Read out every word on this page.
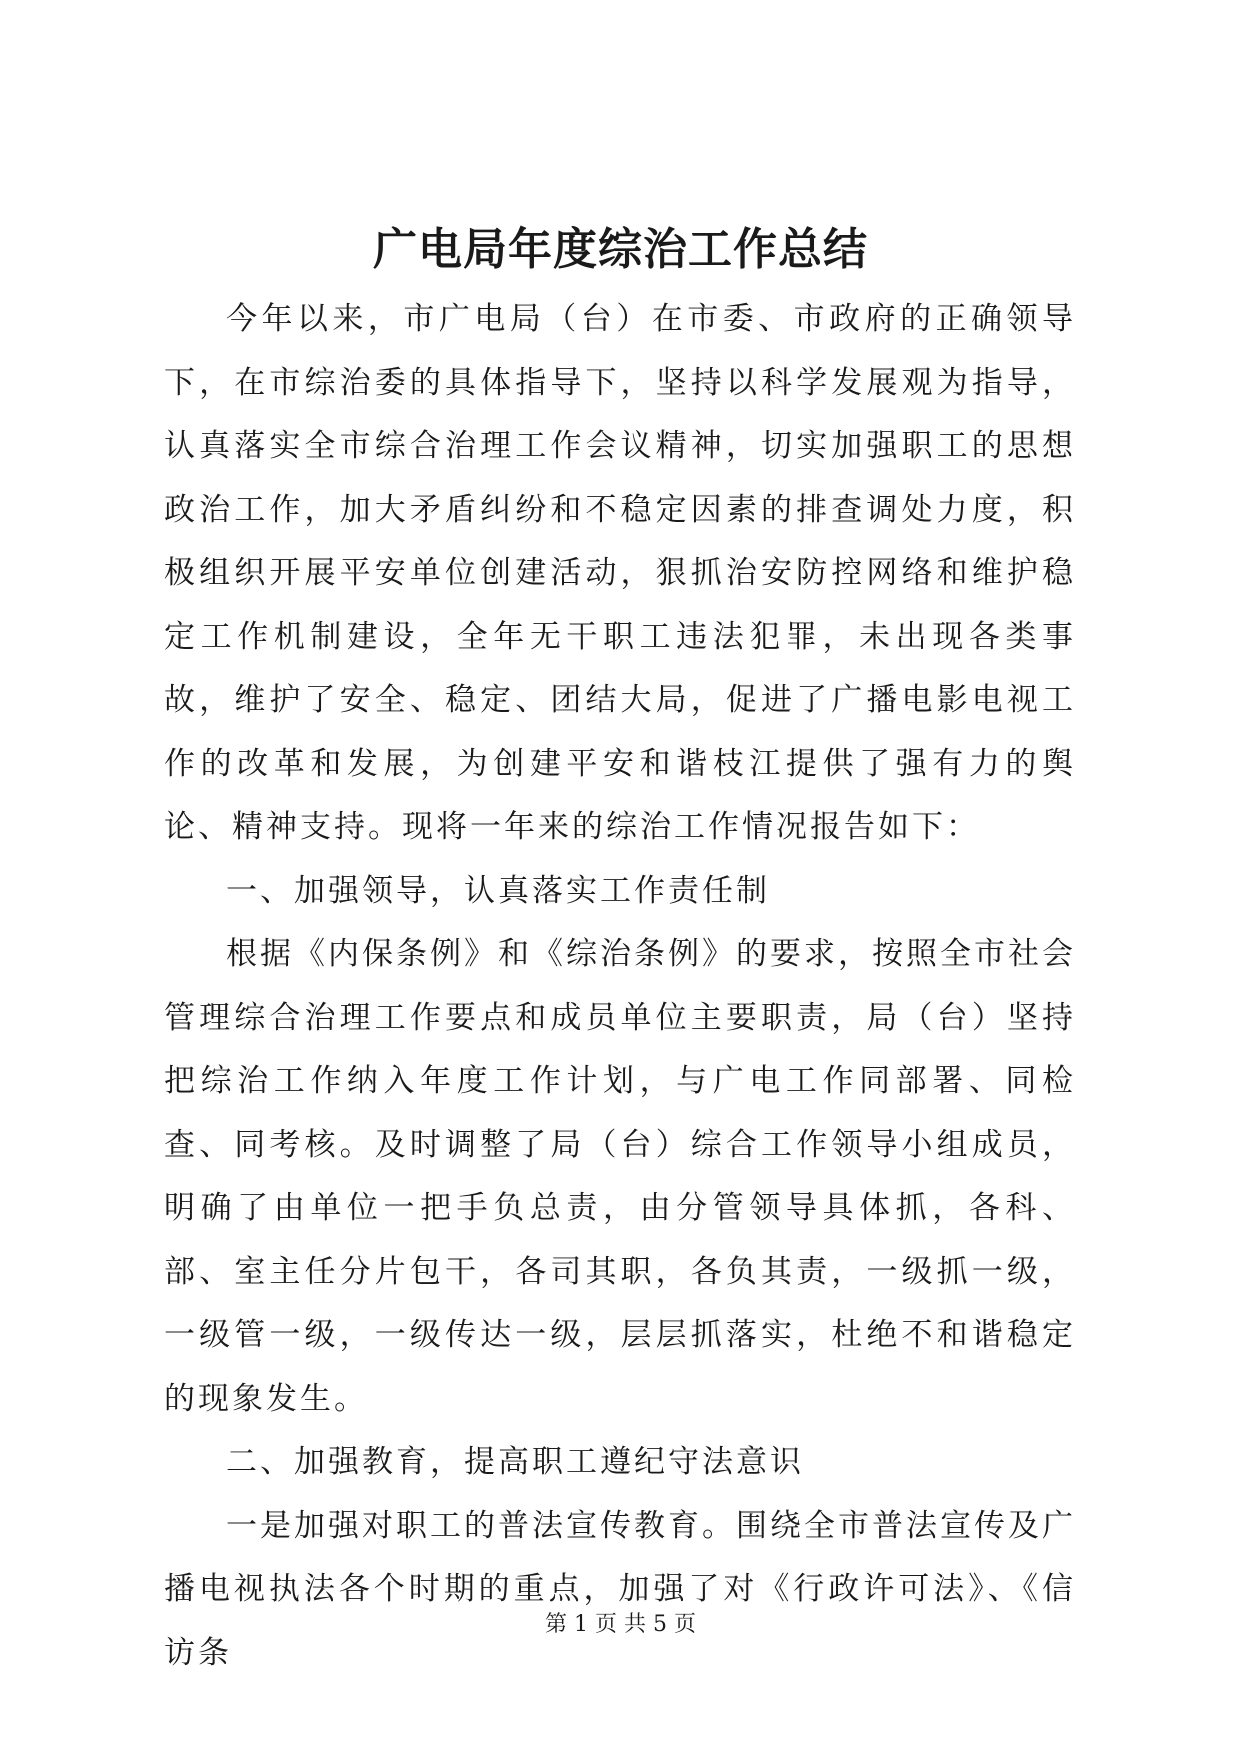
广电局年度综治工作总结

今年以来，市广电局（台）在市委、市政府的正确领导下，在市综治委的具体指导下，坚持以科学发展观为指导，认真落实全市综合治理工作会议精神，切实加强职工的思想政治工作，加大矛盾纠纷和不稳定因素的排查调处力度，积极组织开展平安单位创建活动，狠抓治安防控网络和维护稳定工作机制建设，全年无干职工违法犯罪，未出现各类事故，维护了安全、稳定、团结大局，促进了广播电影电视工作的改革和发展，为创建平安和谐枝江提供了强有力的舆论、精神支持。现将一年来的综治工作情况报告如下：

一、加强领导，认真落实工作责任制

根据《内保条例》和《综治条例》的要求，按照全市社会管理综合治理工作要点和成员单位主要职责，局（台）坚持把综治工作纳入年度工作计划，与广电工作同部署、同检查、同考核。及时调整了局（台）综合工作领导小组成员，明确了由单位一把手负总责，由分管领导具体抓，各科、部、室主任分片包干，各司其职，各负其责，一级抓一级，一级管一级，一级传达一级，层层抓落实，杜绝不和谐稳定的现象发生。

二、加强教育，提高职工遵纪守法意识

一是加强对职工的普法宣传教育。围绕全市普法宣传及广播电视执法各个时期的重点，加强了对《行政许可法》、《信访条

第 1 页 共 5 页
